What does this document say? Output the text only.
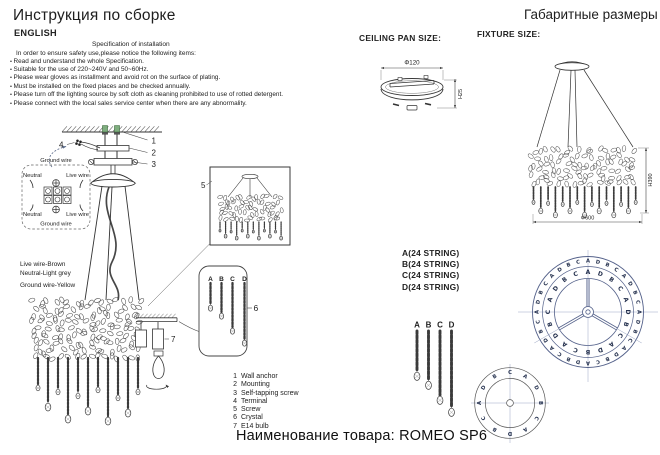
1
2
3
4
Ground wire
Neutral	Live wire
Neutral	Live wire
Ground wire
7
5
A B C D
6
Φ120
H25
H390
Φ600
A B C D
A D B
C
A
D
B
C
A
D
B
C
A
D
B
C
A
D
B
C
A
D
B
C
A
D
B
C
A
D
B C
A D
B
C
A
D
B
C
A
D
B
C
A
D
B
C
A
D
B
C
C
A
D
B
C
A
D
B
C
A
D
B
Инструкция по сборке	Габаритные размеры
ENGLISH
Specification of installation
In order to ensure safety use,please notice the following items:
• Read and understand the whole Specification.
• Suitable for the use of 220~240V and 50~60Hz.
• Please wear gloves as installment and avoid rot on the surface of plating.
• Must be installed on the fixed places and be checked annually.
• Please turn off the lighting source by soft cloth as cleaning prohibited to use of rotted detergent.
• Please connect with the local sales service center when there are any abnormality.
Live wire-Brown
Neutral-Light grey
Ground wire-Yellow
CEILING PAN SIZE:	FIXTURE SIZE:
A(24 STRING)
B(24 STRING)
C(24 STRING)
D(24 STRING)
1 Wall anchor
2 Mounting
3 Self-tapping screw
4 Terminal
5 Screw
6 Crystal
7 E14 bulb
Наименование товара: ROMEO SP6
